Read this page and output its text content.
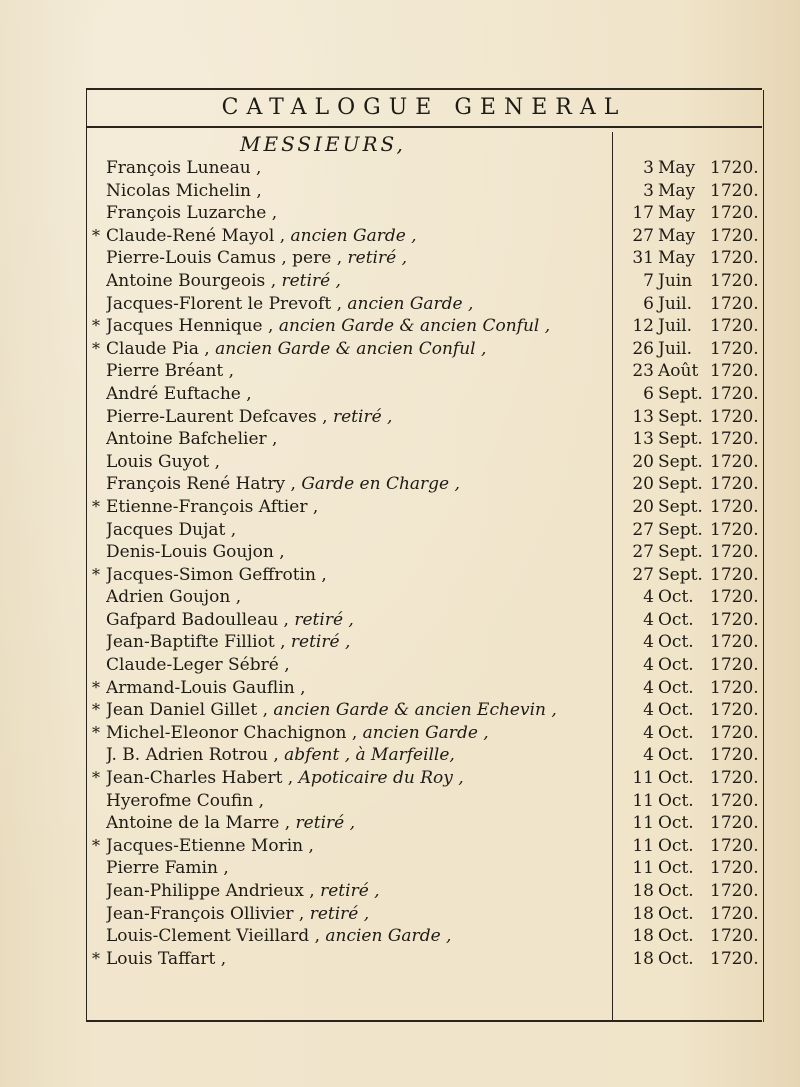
CATALOGUE GENERAL
MESSIEURS,
François Luneau ,	3 May 1720.
Nicolas Michelin ,	3 May 1720.
François Luzarche ,	17 May 1720.
* Claude-René Mayol , ancien Garde ,	27 May 1720.
Pierre-Louis Camus , pere , retiré ,	31 May 1720.
Antoine Bourgeois , retiré ,	7 Juin 1720.
Jacques-Florent le Prevoft , ancien Garde ,	6 Juil. 1720.
* Jacques Hennique , ancien Garde & ancien Conful ,	12 Juil. 1720.
* Claude Pia , ancien Garde & ancien Conful ,	26 Juil. 1720.
Pierre Bréant ,	23 Août 1720.
André Euftache ,	6 Sept. 1720.
Pierre-Laurent Defcaves , retiré ,	13 Sept. 1720.
Antoine Bafchelier ,	13 Sept. 1720.
Louis Guyot ,	20 Sept. 1720.
François René Hatry , Garde en Charge ,	20 Sept. 1720.
* Etienne-François Aftier ,	20 Sept. 1720.
Jacques Dujat ,	27 Sept. 1720.
Denis-Louis Goujon ,	27 Sept. 1720.
* Jacques-Simon Geffrotin ,	27 Sept. 1720.
Adrien Goujon ,	4 Oct. 1720.
Gafpard Badoulleau , retiré ,	4 Oct. 1720.
Jean-Baptifte Filliot , retiré ,	4 Oct. 1720.
Claude-Leger Sébré ,	4 Oct. 1720.
* Armand-Louis Gauflin ,	4 Oct. 1720.
* Jean Daniel Gillet , ancien Garde & ancien Echevin ,	4 Oct. 1720.
* Michel-Eleonor Chachignon , ancien Garde ,	4 Oct. 1720.
J. B. Adrien Rotrou , abfent , à Marfeille,	4 Oct. 1720.
* Jean-Charles Habert , Apoticaire du Roy ,	11 Oct. 1720.
Hyerofme Coufin ,	11 Oct. 1720.
Antoine de la Marre , retiré ,	11 Oct. 1720.
* Jacques-Etienne Morin ,	11 Oct. 1720.
Pierre Famin ,	11 Oct. 1720.
Jean-Philippe Andrieux , retiré ,	18 Oct. 1720.
Jean-François Ollivier , retiré ,	18 Oct. 1720.
Louis-Clement Vieillard , ancien Garde ,	18 Oct. 1720.
* Louis Taffart ,	18 Oct. 1720.
